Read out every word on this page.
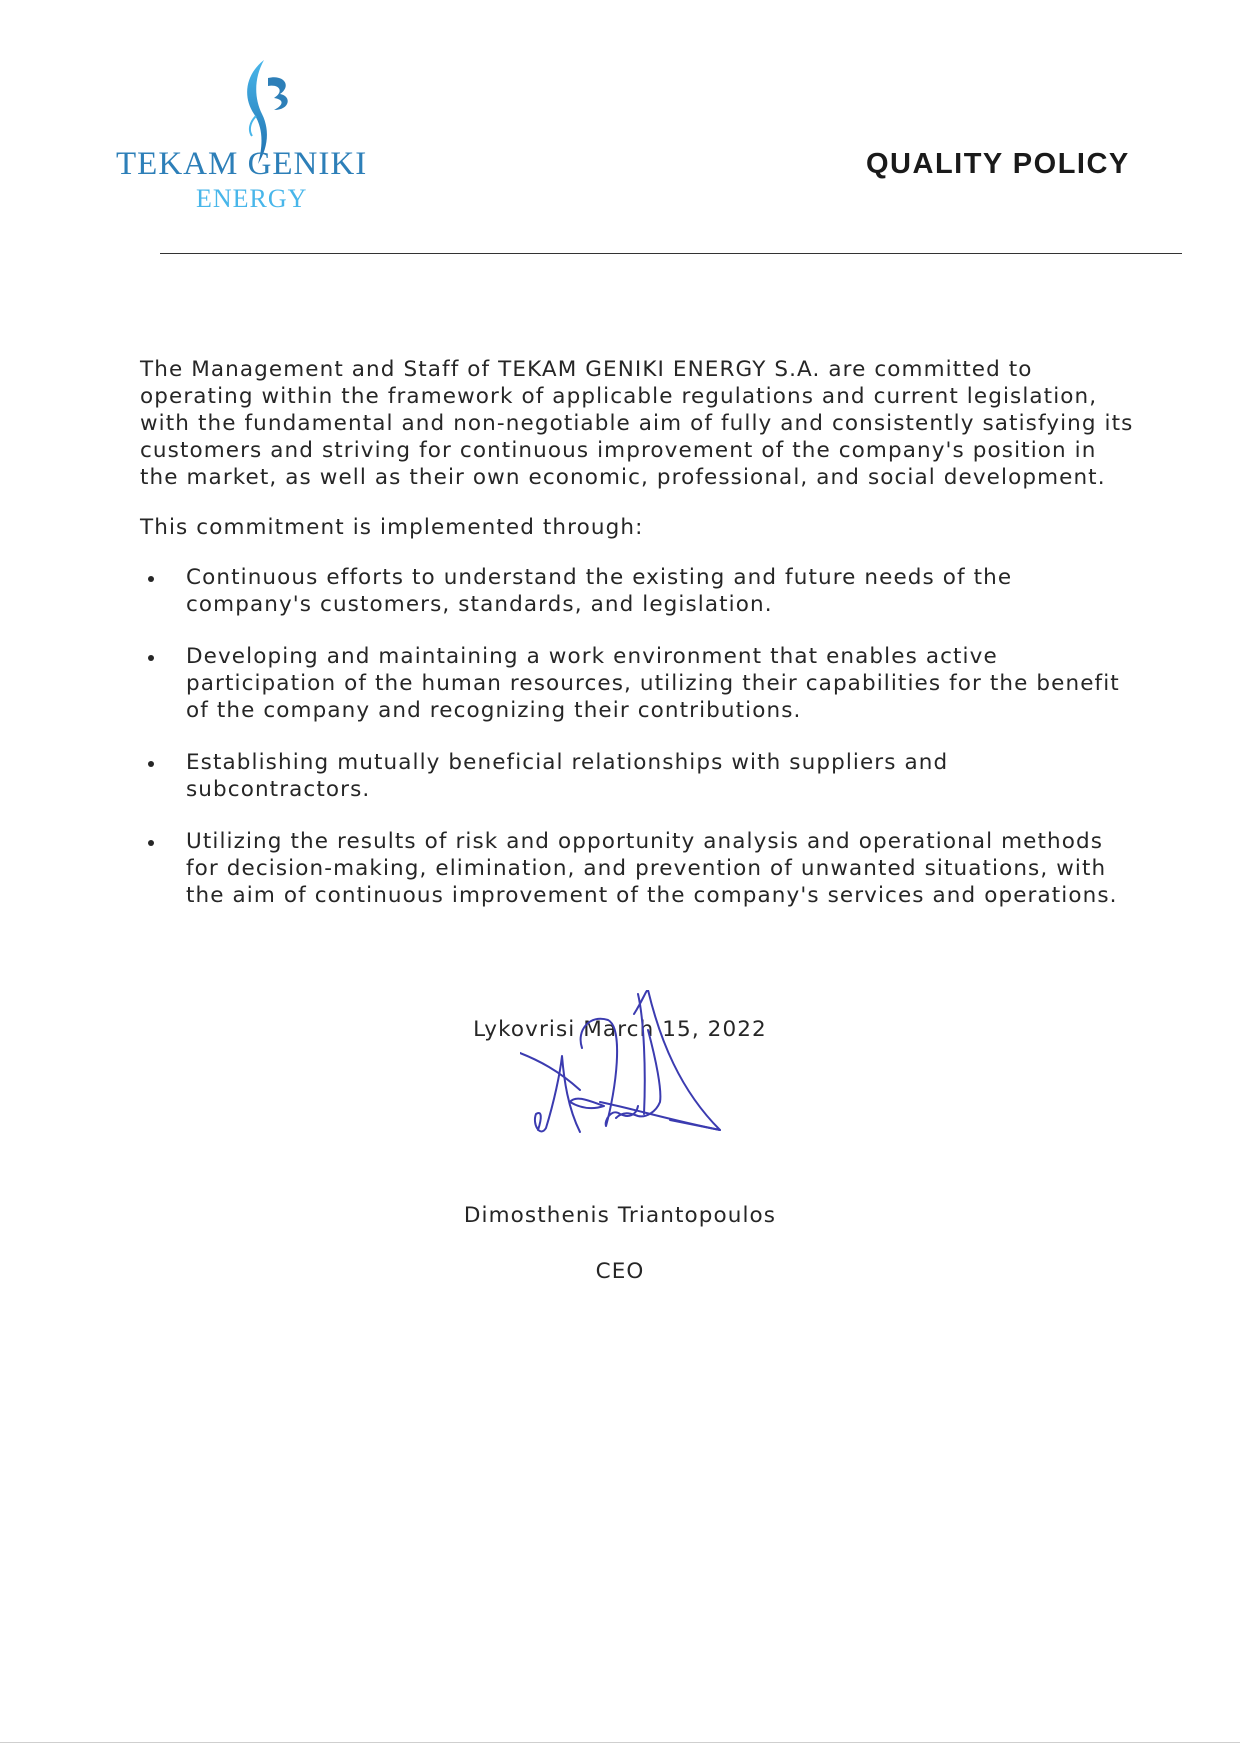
TEKAM GENIKI
ENERGY
QUALITY POLICY

The Management and Staff of TEKAM GENIKI ENERGY S.A. are committed to operating within the framework of applicable regulations and current legislation, with the fundamental and non-negotiable aim of fully and consistently satisfying its customers and striving for continuous improvement of the company's position in the market, as well as their own economic, professional, and social development.

This commitment is implemented through:

Continuous efforts to understand the existing and future needs of the company's customers, standards, and legislation.
Developing and maintaining a work environment that enables active participation of the human resources, utilizing their capabilities for the benefit of the company and recognizing their contributions.
Establishing mutually beneficial relationships with suppliers and subcontractors.
Utilizing the results of risk and opportunity analysis and operational methods for decision-making, elimination, and prevention of unwanted situations, with the aim of continuous improvement of the company's services and operations.
Lykovrisi March 15, 2022
Dimosthenis Triantopoulos
CEO
